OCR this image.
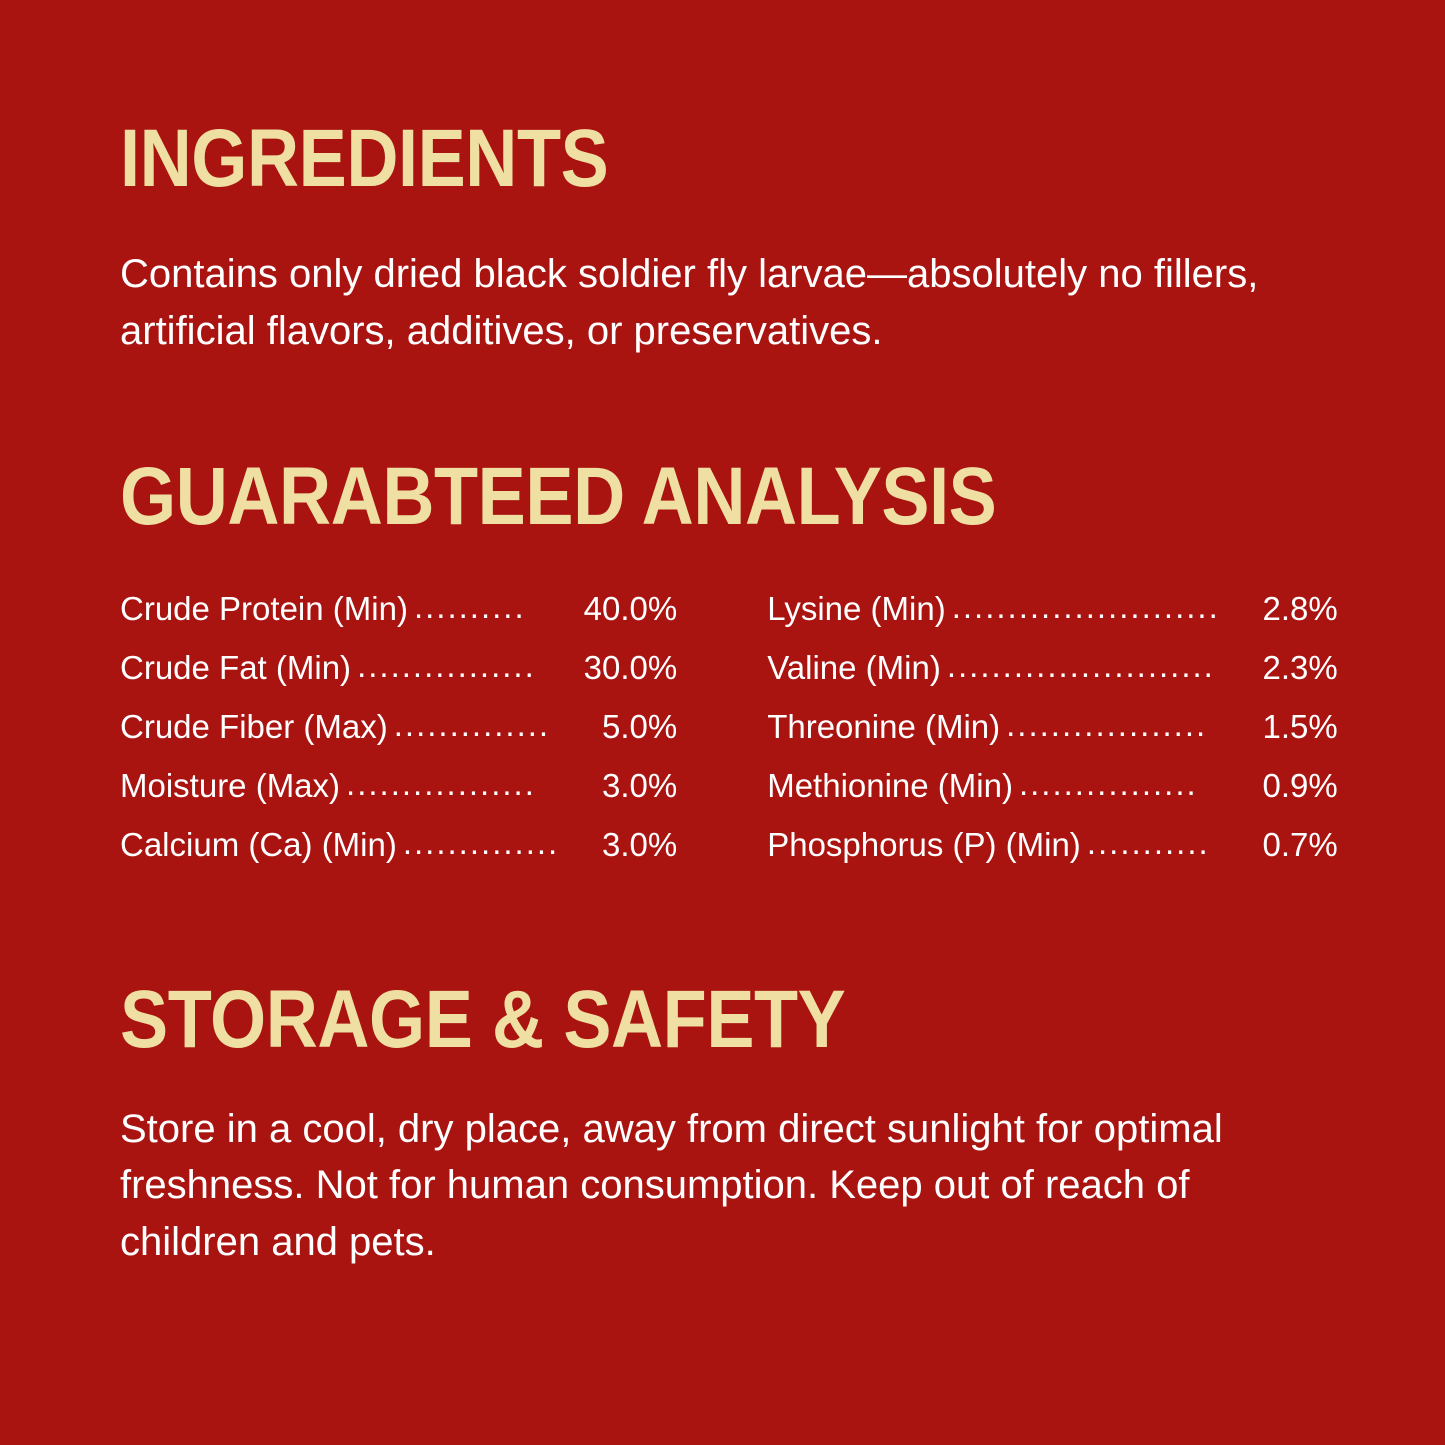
INGREDIENTS

Contains only dried black soldier fly larvae—absolutely no fillers, artificial flavors, additives, or preservatives.

GUARABTEED ANALYSIS
Crude Protein (Min) ..........	40.0%
Crude Fat (Min) ................	30.0%
Crude Fiber (Max) ..............	5.0%
Moisture (Max) .................	3.0%
Calcium (Ca) (Min) ..............	3.0%
Lysine (Min) ........................	2.8%
Valine (Min) ........................	2.3%
Threonine (Min) ..................	1.5%
Methionine (Min) ................	0.9%
Phosphorus (P) (Min) ...........	0.7%
STORAGE & SAFETY

Store in a cool, dry place, away from direct sunlight for optimal freshness. Not for human consumption. Keep out of reach of children and pets.
